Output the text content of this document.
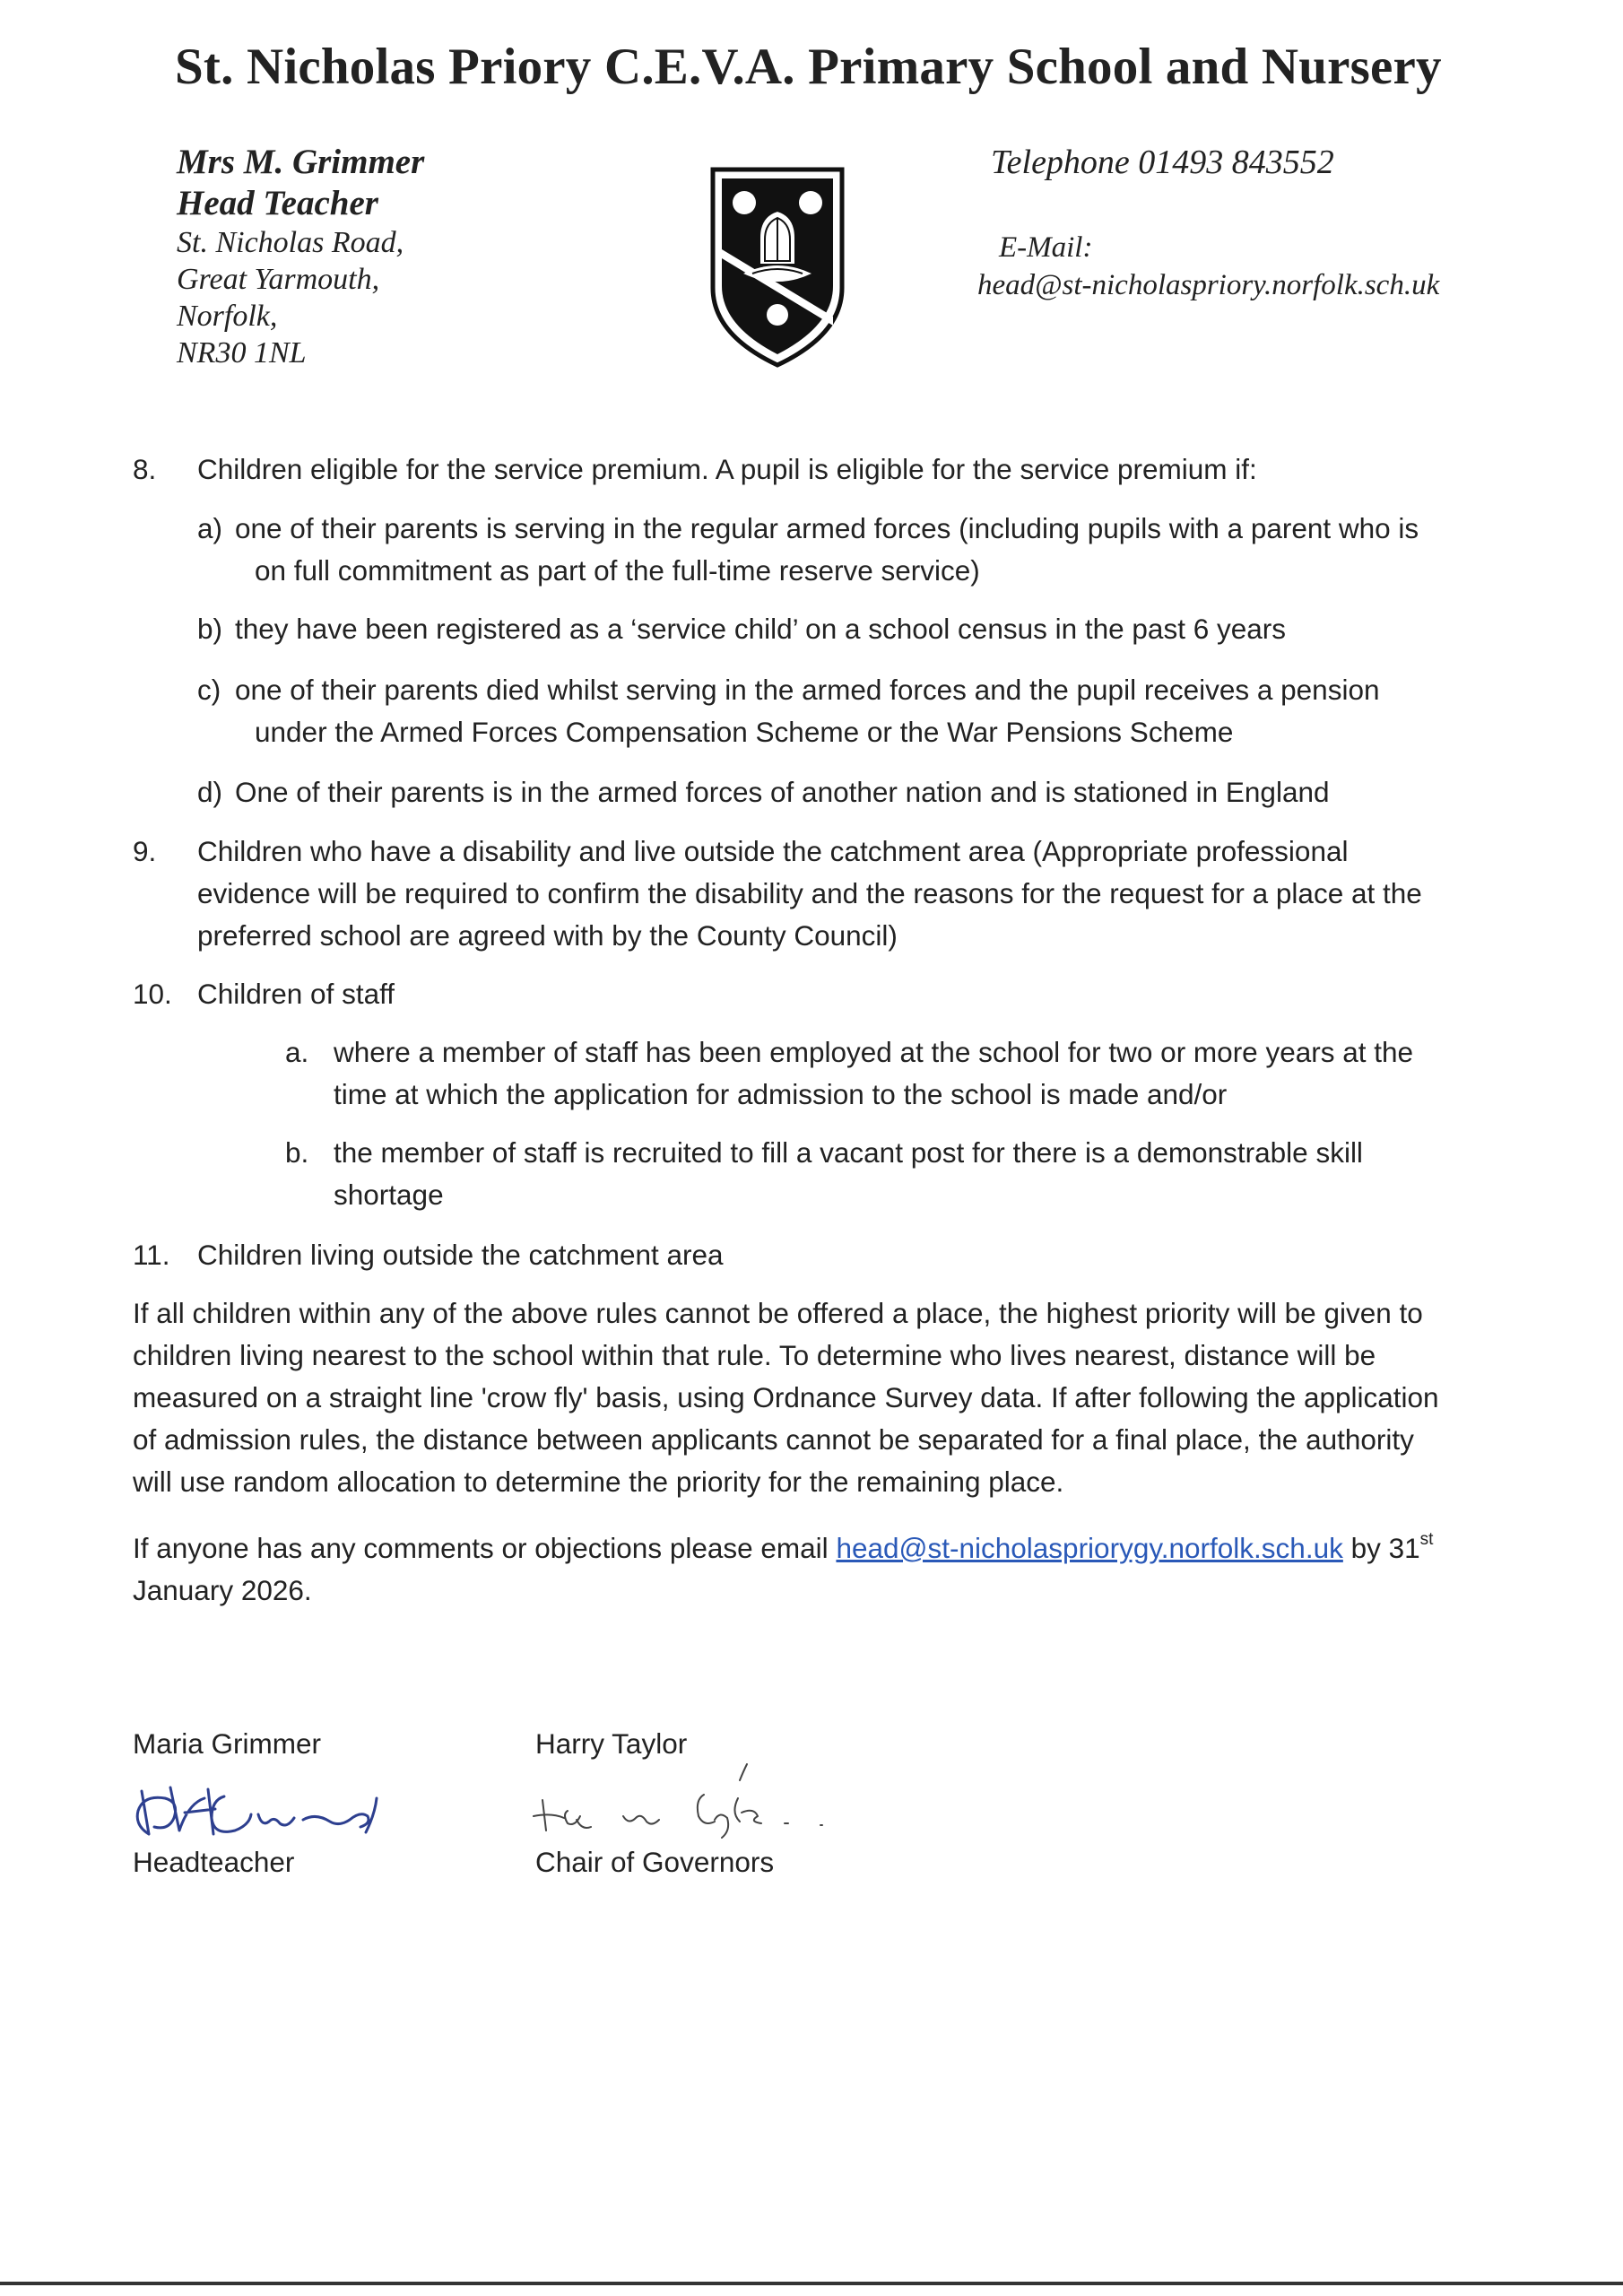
St. Nicholas Priory C.E.V.A. Primary School and Nursery
Mrs M. Grimmer
Head Teacher
St. Nicholas Road,
Great Yarmouth,
Norfolk,
NR30 1NL
Telephone 01493 843552
E-Mail:
head@st-nicholaspriory.norfolk.sch.uk
8. Children eligible for the service premium. A pupil is eligible for the service premium if:
a) one of their parents is serving in the regular armed forces (including pupils with a parent who is
on full commitment as part of the full-time reserve service)
b) they have been registered as a ‘service child’ on a school census in the past 6 years
c) one of their parents died whilst serving in the armed forces and the pupil receives a pension
under the Armed Forces Compensation Scheme or the War Pensions Scheme
d) One of their parents is in the armed forces of another nation and is stationed in England
9. Children who have a disability and live outside the catchment area (Appropriate professional
evidence will be required to confirm the disability and the reasons for the request for a place at the
preferred school are agreed with by the County Council)
10. Children of staff
a. where a member of staff has been employed at the school for two or more years at the
time at which the application for admission to the school is made and/or
b. the member of staff is recruited to fill a vacant post for there is a demonstrable skill
shortage
11. Children living outside the catchment area
If all children within any of the above rules cannot be offered a place, the highest priority will be given to
children living nearest to the school within that rule. To determine who lives nearest, distance will be
measured on a straight line 'crow fly' basis, using Ordnance Survey data. If after following the application
of admission rules, the distance between applicants cannot be separated for a final place, the authority
will use random allocation to determine the priority for the remaining place.
If anyone has any comments or objections please email head@st-nicholasprioryg​y.norfolk.sch.uk by 31st
January 2026.
Maria Grimmer
Headteacher
Harry Taylor
Chair of Governors
